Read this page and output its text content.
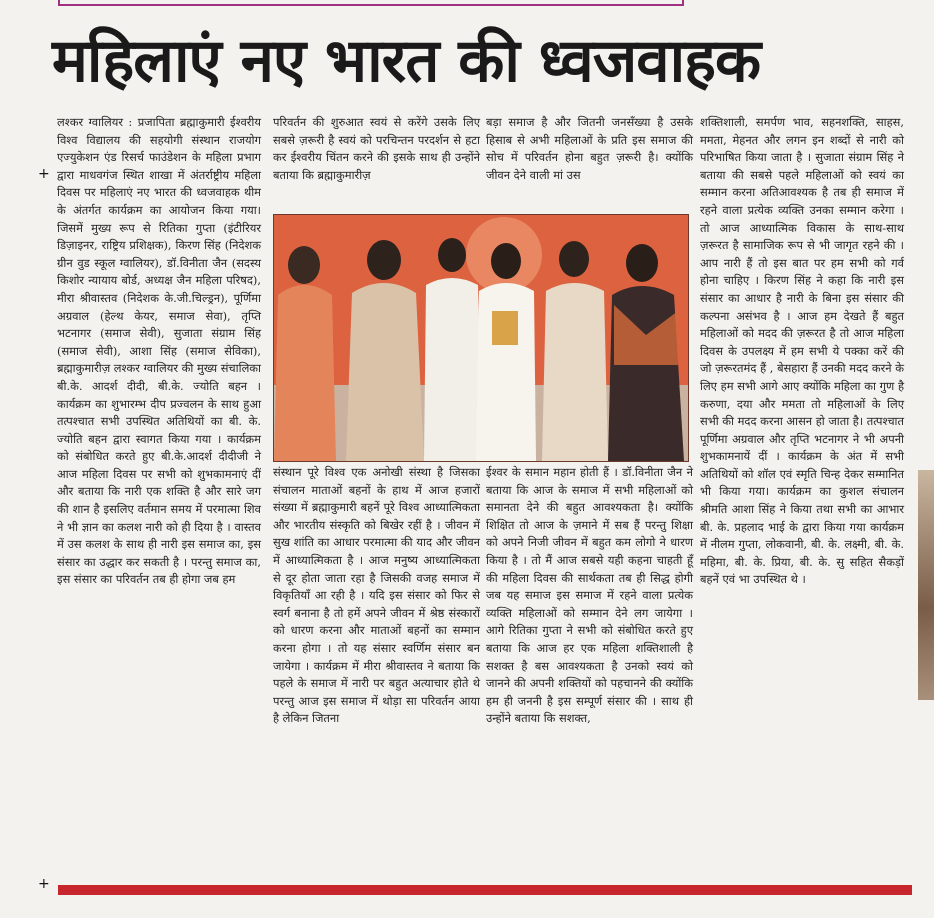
महिलाएं नए भारत की ध्वजवाहक

लश्कर ग्वालियर : प्रजापिता ब्रह्माकुमारी ईश्वरीय विश्व विद्यालय की सहयोगी संस्थान राजयोग एज्युकेशन एंड रिसर्च फाउंडेशन के महिला प्रभाग द्वारा माधवगंज स्थित शाखा में अंतर्राष्ट्रीय महिला दिवस पर महिलाएं नए भारत की ध्वजवाहक थीम के अंतर्गत कार्यक्रम का आयोजन किया गया। जिसमें मुख्य रूप से रितिका गुप्ता (इंटीरियर डिज़ाइनर, राष्ट्रिय प्रशिक्षक), किरण सिंह (निदेशक ग्रीन वुड स्कूल ग्वालियर), डॉ.विनीता जैन (सदस्य किशोर न्यायाय बोर्ड, अध्यक्ष जैन महिला परिषद), मीरा श्रीवास्तव (निदेशक के.जी.चिल्ड्रन), पूर्णिमा अग्रवाल (हेल्थ केयर, समाज सेवा), तृप्ति भटनागर (समाज सेवी), सुजाता संग्राम सिंह (समाज सेवी), आशा सिंह (समाज सेविका), ब्रह्माकुमारीज़ लश्कर ग्वालियर की मुख्य संचालिका बी.के. आदर्श दीदी, बी.के. ज्योति बहन । कार्यक्रम का शुभारम्भ दीप प्रज्वलन के साथ हुआ तत्पश्चात सभी उपस्थित अतिथियों का बी. के. ज्योति बहन द्वारा स्वागत किया गया । कार्यक्रम को संबोधित करते हुए बी.के.आदर्श दीदीजी ने आज महिला दिवस पर सभी को शुभकामनाएं दीं और बताया कि नारी एक शक्ति है और सारे जग की शान है इसलिए वर्तमान समय में परमात्मा शिव ने भी ज्ञान का कलश नारी को ही दिया है । वास्तव में उस कलश के साथ ही नारी इस समाज का, इस संसार का उद्धार कर सकती है । परन्तु समाज का, इस संसार का परिवर्तन तब ही होगा जब हम

परिवर्तन की शुरुआत स्वयं से करेंगे उसके लिए सबसे ज़रूरी है स्वयं को परचिन्तन परदर्शन से हटा कर ईश्वरीय चिंतन करने की इसके साथ ही उन्होंने बताया कि ब्रह्माकुमारीज़

बड़ा समाज है और जितनी जनसँख्या है उसके हिसाब से अभी महिलाओं के प्रति इस समाज की सोच में परिवर्तन होना बहुत ज़रूरी है। क्योंकि जीवन देने वाली मां उस

संस्थान पूरे विश्व एक अनोखी संस्था है जिसका संचालन माताओं बहनों के हाथ में आज हजारों संख्या में ब्रह्माकुमारी बहनें पूरे विश्व आध्यात्मिकता और भारतीय संस्कृति को बिखेर रहीं है । जीवन में सुख शांति का आधार परमात्मा की याद और जीवन में आध्यात्मिकता है । आज मनुष्य आध्यात्मिकता से दूर होता जाता रहा है जिसकी वजह समाज में विकृतियाँ आ रही है । यदि इस संसार को फिर से स्वर्ग बनाना है तो हमें अपने जीवन में श्रेष्ठ संस्कारों को धारण करना और माताओं बहनों का सम्मान करना होगा । तो यह संसार स्वर्णिम संसार बन जायेगा । कार्यक्रम में मीरा श्रीवास्तव ने बताया कि पहले के समाज में नारी पर बहुत अत्याचार होते थे परन्तु आज इस समाज में थोड़ा सा परिवर्तन आया है लेकिन जितना

ईश्वर के समान महान होती हैं । डॉ.विनीता जैन ने बताया कि आज के समाज में सभी महिलाओं को समानता देने की बहुत आवश्यकता है। क्योंकि शिक्षित तो आज के ज़माने में सब हैं परन्तु शिक्षा को अपने निजी जीवन में बहुत कम लोगो ने धारण किया है । तो मैं आज सबसे यही कहना चाहती हूँ की महिला दिवस की सार्थकता तब ही सिद्ध होगी जब यह समाज इस समाज में रहने वाला प्रत्येक व्यक्ति महिलाओं को सम्मान देने लग जायेगा । आगे रितिका गुप्ता ने सभी को संबोधित करते हुए बताया कि आज हर एक महिला शक्तिशाली है सशक्त है बस आवश्यकता है उनको स्वयं को जानने की अपनी शक्तियों को पहचानने की क्योंकि हम ही जननी है इस सम्पूर्ण संसार की । साथ ही उन्होंने बताया कि सशक्त,

शक्तिशाली, समर्पण भाव, सहनशक्ति, साहस, ममता, मेहनत और लगन इन शब्दों से नारी को परिभाषित किया जाता है । सुजाता संग्राम सिंह ने बताया की सबसे पहले महिलाओं को स्वयं का सम्मान करना अतिआवश्यक है तब ही समाज में रहने वाला प्रत्येक व्यक्ति उनका सम्मान करेगा । तो आज आध्यात्मिक विकास के साथ-साथ ज़रूरत है सामाजिक रूप से भी जागृत रहने की । आप नारी हैं तो इस बात पर हम सभी को गर्व होना चाहिए । किरण सिंह ने कहा कि नारी इस संसार का आधार है नारी के बिना इस संसार की कल्पना असंभव है । आज हम देखते हैं बहुत महिलाओं को मदद की ज़रूरत है तो आज महिला दिवस के उपलक्ष्य में हम सभी ये पक्का करें की जो ज़रूरतमंद हैं , बेसहारा हैं उनकी मदद करने के लिए हम सभी आगे आए क्योंकि महिला का गुण है करुणा, दया और ममता तो महिलाओं के लिए सभी की मदद करना आसन हो जाता है। तत्पश्चात पूर्णिमा अग्रवाल और तृप्ति भटनागर ने भी अपनी शुभकामनायें दीं । कार्यक्रम के अंत में सभी अतिथियों को शॉल एवं स्मृति चिन्ह देकर सम्मानित भी किया गया। कार्यक्रम का कुशल संचालन श्रीमति आशा सिंह ने किया तथा सभी का आभार बी. के. प्रहलाद भाई के द्वारा किया गया कार्यक्रम में नीलम गुप्ता, लोकवानी, बी. के. लक्ष्मी, बी. के. महिमा, बी. के. प्रिया, बी. के. सु सहित सैकड़ों बहनें एवं भा उपस्थित थे ।

+
+
